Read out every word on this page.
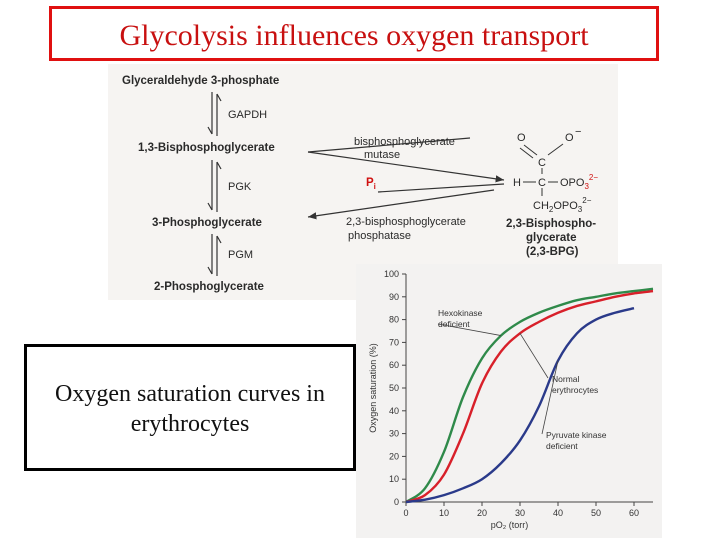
Glycolysis influences oxygen transport
Glyceraldehyde 3-phosphate
1,3-Bisphosphoglycerate
3-Phosphoglycerate
2-Phosphoglycerate
GAPDH
PGK
PGM
bisphosphoglycerate
mutase
$P_i$
2,3-bisphosphoglycerate
phosphatase
O	O −
C
H C $OPO_3^{2-}$
$CH_2OPO_3^{2-}$
2,3-Bisphospho-
glycerate
(2,3-BPG)
0
10
20
30
40
50
60
70
80
90
100
0	10	20	30	40	50	60
Hexokinase
deficient
Normal
erythrocytes
Pyruvate kinase
deficient
Oxygen saturation (%)
pO₂ (torr)
Oxygen saturation curves in
erythrocytes
